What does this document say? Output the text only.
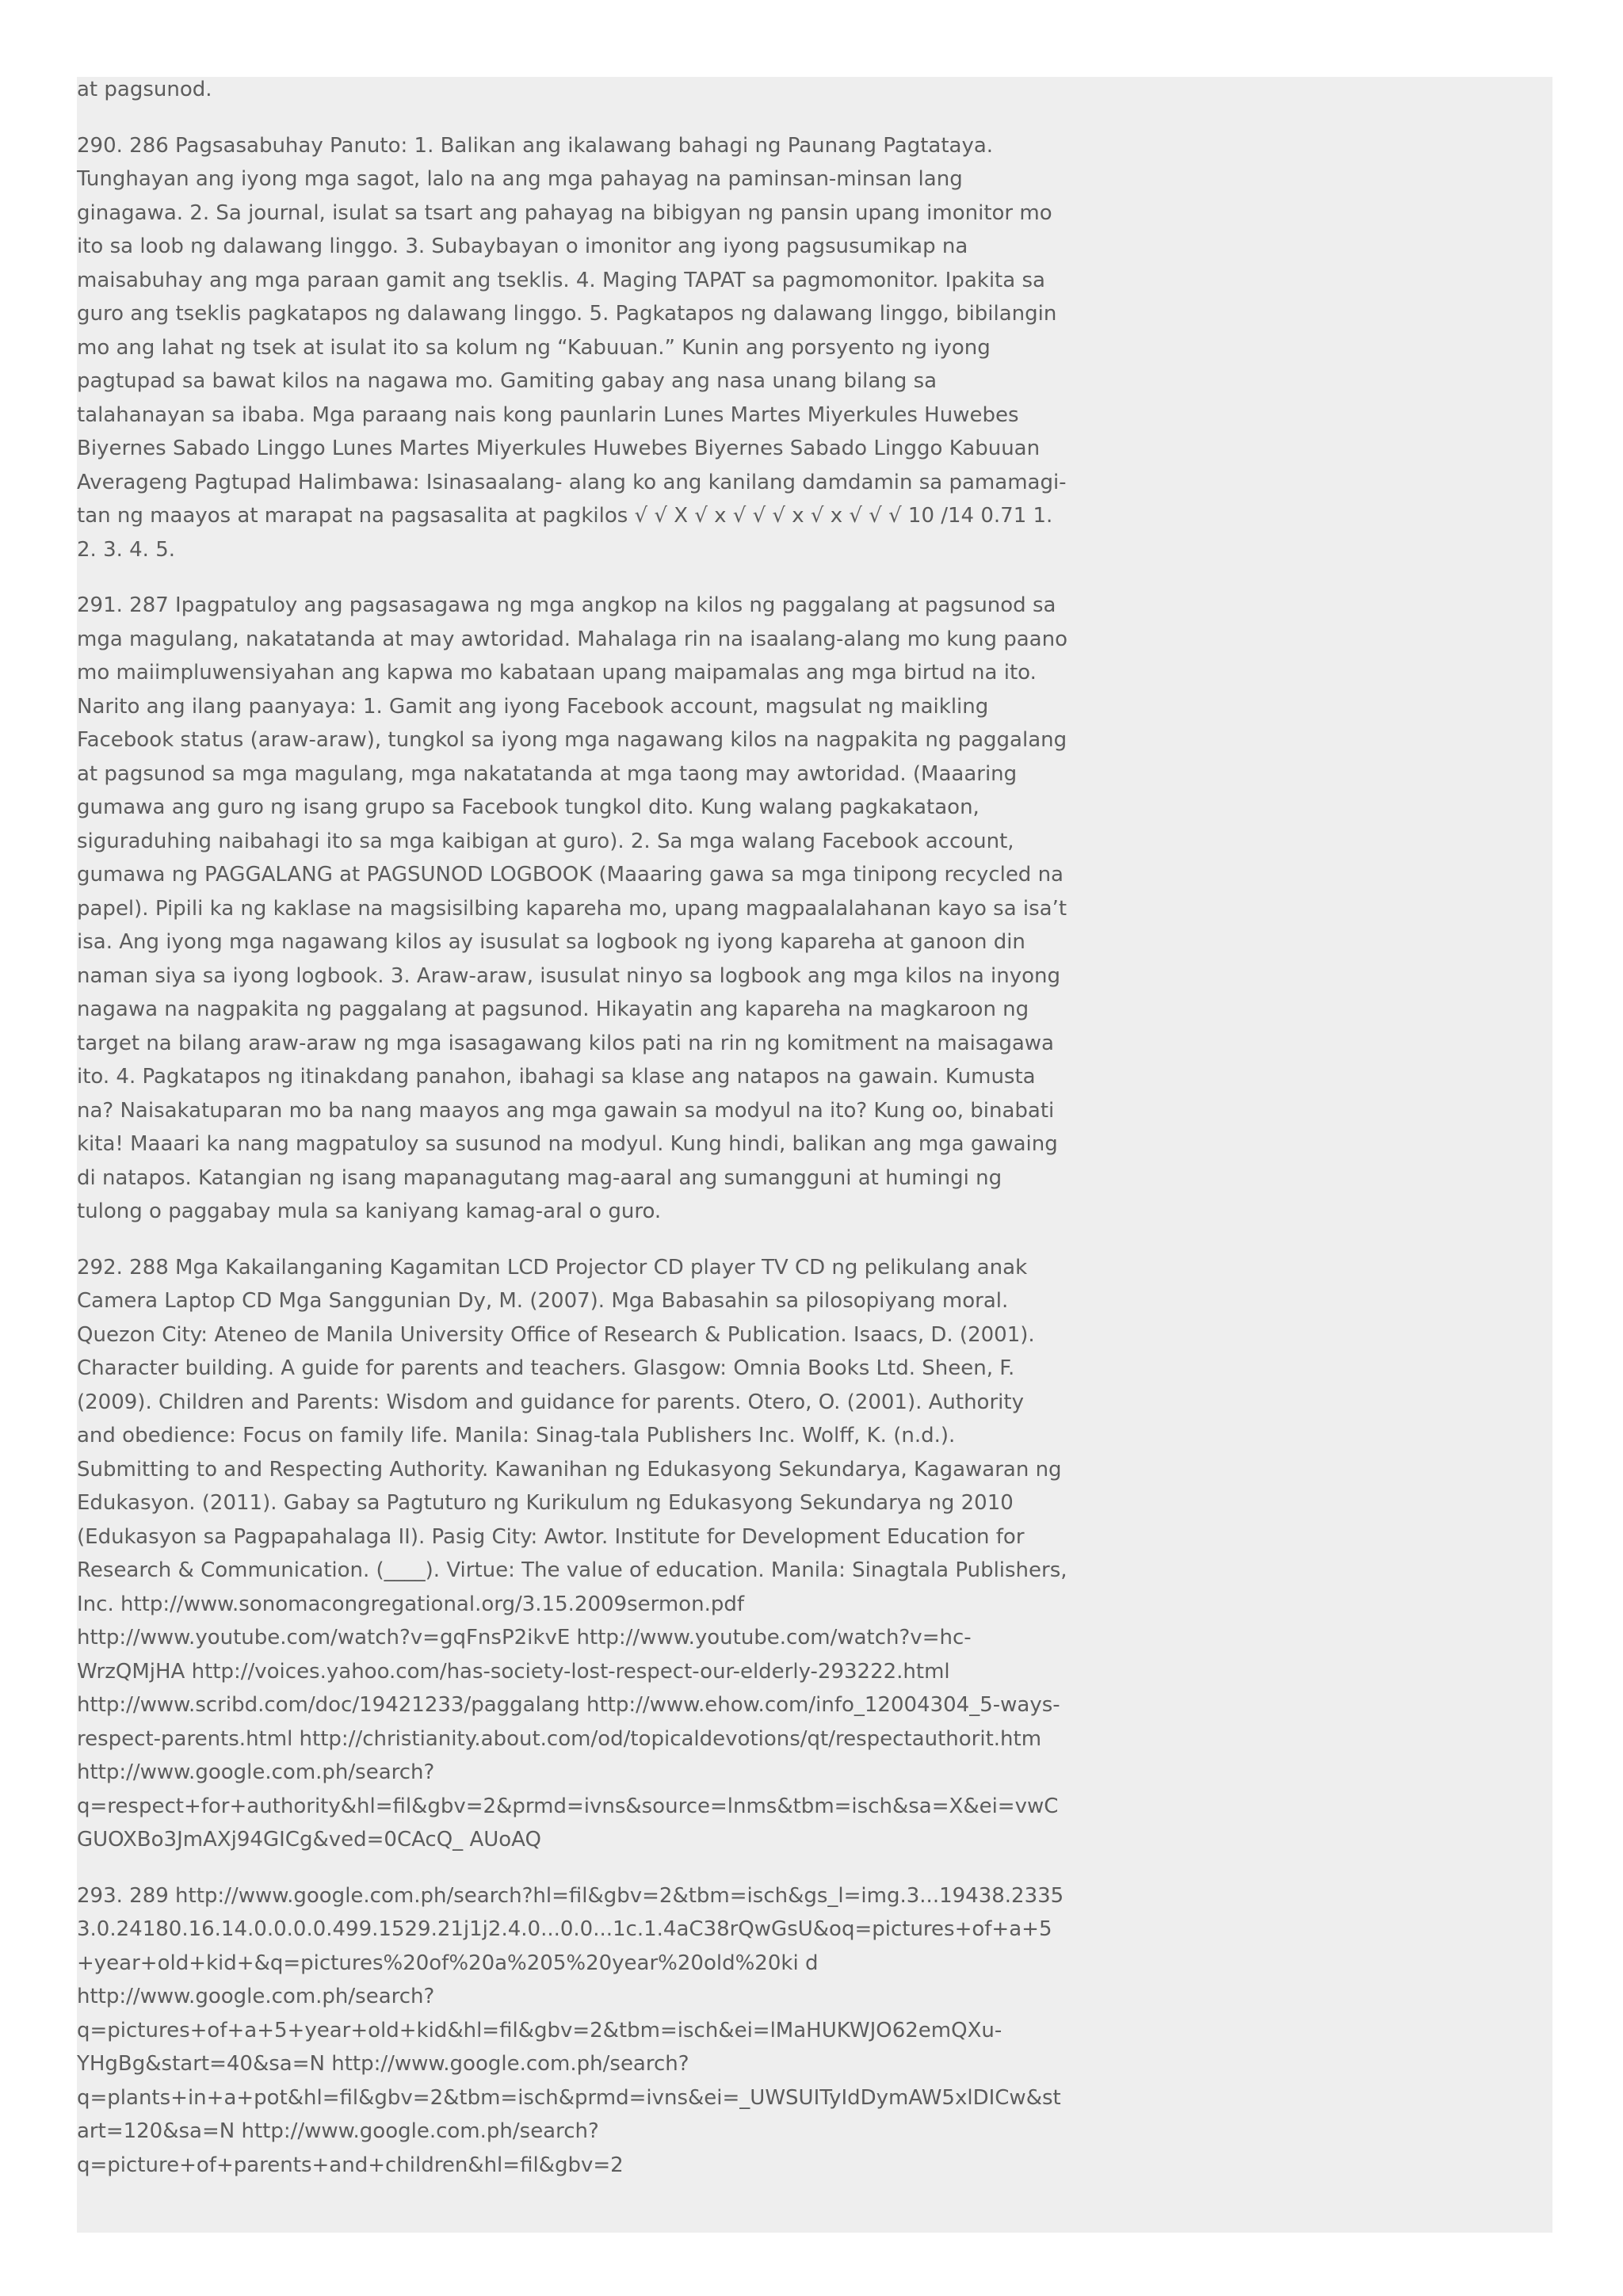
at pagsunod.

290. 286 Pagsasabuhay Panuto: 1. Balikan ang ikalawang bahagi ng Paunang Pagtataya. Tunghayan ang iyong mga sagot, lalo na ang mga pahayag na paminsan-minsan lang ginagawa. 2. Sa journal, isulat sa tsart ang pahayag na bibigyan ng pansin upang imonitor mo ito sa loob ng dalawang linggo. 3. Subaybayan o imonitor ang iyong pagsusumikap na maisabuhay ang mga paraan gamit ang tseklis. 4. Maging TAPAT sa pagmomonitor. Ipakita sa guro ang tseklis pagkatapos ng dalawang linggo. 5. Pagkatapos ng dalawang linggo, bibilangin mo ang lahat ng tsek at isulat ito sa kolum ng “Kabuuan.” Kunin ang porsyento ng iyong pagtupad sa bawat kilos na nagawa mo. Gamiting gabay ang nasa unang bilang sa talahanayan sa ibaba. Mga paraang nais kong paunlarin Lunes Martes Miyerkules Huwebes Biyernes Sabado Linggo Lunes Martes Miyerkules Huwebes Biyernes Sabado Linggo Kabuuan Averageng Pagtupad Halimbawa: Isinasaalang- alang ko ang kanilang damdamin sa pamamagi- tan ng maayos at marapat na pagsasalita at pagkilos √ √ X √ x √ √ √ x √ x √ √ √ 10 /14 0.71 1. 2. 3. 4. 5.

291. 287 Ipagpatuloy ang pagsasagawa ng mga angkop na kilos ng paggalang at pagsunod sa mga magulang, nakatatanda at may awtoridad. Mahalaga rin na isaalang-alang mo kung paano mo maiimpluwensiyahan ang kapwa mo kabataan upang maipamalas ang mga birtud na ito. Narito ang ilang paanyaya: 1. Gamit ang iyong Facebook account, magsulat ng maikling Facebook status (araw-araw), tungkol sa iyong mga nagawang kilos na nagpakita ng paggalang at pagsunod sa mga magulang, mga nakatatanda at mga taong may awtoridad. (Maaaring gumawa ang guro ng isang grupo sa Facebook tungkol dito. Kung walang pagkakataon, siguraduhing naibahagi ito sa mga kaibigan at guro). 2. Sa mga walang Facebook account, gumawa ng PAGGALANG at PAGSUNOD LOGBOOK (Maaaring gawa sa mga tinipong recycled na papel). Pipili ka ng kaklase na magsisilbing kapareha mo, upang magpaalalahanan kayo sa isa’t isa. Ang iyong mga nagawang kilos ay isusulat sa logbook ng iyong kapareha at ganoon din naman siya sa iyong logbook. 3. Araw-araw, isusulat ninyo sa logbook ang mga kilos na inyong nagawa na nagpakita ng paggalang at pagsunod. Hikayatin ang kapareha na magkaroon ng target na bilang araw-araw ng mga isasagawang kilos pati na rin ng komitment na maisagawa ito. 4. Pagkatapos ng itinakdang panahon, ibahagi sa klase ang natapos na gawain. Kumusta na? Naisakatuparan mo ba nang maayos ang mga gawain sa modyul na ito? Kung oo, binabati kita! Maaari ka nang magpatuloy sa susunod na modyul. Kung hindi, balikan ang mga gawaing di natapos. Katangian ng isang mapanagutang mag-aaral ang sumangguni at humingi ng tulong o paggabay mula sa kaniyang kamag-aral o guro.

292. 288 Mga Kakailanganing Kagamitan LCD Projector CD player TV CD ng pelikulang anak Camera Laptop CD Mga Sanggunian Dy, M. (2007). Mga Babasahin sa pilosopiyang moral. Quezon City: Ateneo de Manila University Office of Research & Publication. Isaacs, D. (2001). Character building. A guide for parents and teachers. Glasgow: Omnia Books Ltd. Sheen, F. (2009). Children and Parents: Wisdom and guidance for parents. Otero, O. (2001). Authority and obedience: Focus on family life. Manila: Sinag-tala Publishers Inc. Wolff, K. (n.d.). Submitting to and Respecting Authority. Kawanihan ng Edukasyong Sekundarya, Kagawaran ng Edukasyon. (2011). Gabay sa Pagtuturo ng Kurikulum ng Edukasyong Sekundarya ng 2010 (Edukasyon sa Pagpapahalaga II). Pasig City: Awtor. Institute for Development Education for Research & Communication. (____). Virtue: The value of education. Manila: Sinagtala Publishers, Inc. http://www.sonomacongregational.org/3.15.2009sermon.pdf http://www.youtube.com/watch?v=gqFnsP2ikvE http://www.youtube.com/watch?v=hc-WrzQMjHA http://voices.yahoo.com/has-society-lost-respect-our-elderly-293222.html http://www.scribd.com/doc/19421233/paggalang http://www.ehow.com/info_12004304_5-ways-respect-parents.html http://christianity.about.com/od/topicaldevotions/qt/respectauthorit.htm http://www.google.com.ph/search?q=respect+for+authority&hl=fil&gbv=2&prmd=ivns&source=lnms&tbm=isch&sa=X&ei=vwCGUOXBo3JmAXj94GICg&ved=0CAcQ_ AUoAQ

293. 289 http://www.google.com.ph/search?hl=fil&gbv=2&tbm=isch&gs_l=img.3...19438.2335 3.0.24180.16.14.0.0.0.0.499.1529.21j1j2.4.0...0.0...1c.1.4aC38rQwGsU&oq=pictures+of+a+5+year+old+kid+&q=pictures%20of%20a%205%20year%20old%20ki d http://www.google.com.ph/search?q=pictures+of+a+5+year+old+kid&hl=fil&gbv=2&tbm=isch&ei=lMaHUKWJO62emQXu-YHgBg&start=40&sa=N http://www.google.com.ph/search?q=plants+in+a+pot&hl=fil&gbv=2&tbm=isch&prmd=ivns&ei=_UWSUITyIdDymAW5xlDICw&start=120&sa=N http://www.google.com.ph/search?q=picture+of+parents+and+children&hl=fil&gbv=2
